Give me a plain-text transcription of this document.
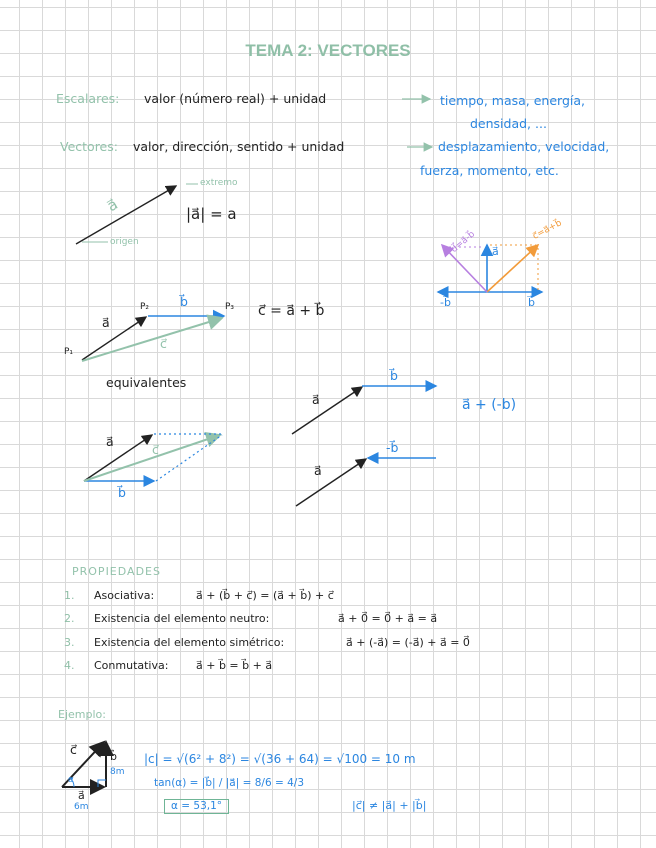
TEMA 2: VECTORES
Escalares: valor (número real) + unidad	tiempo, masa, energía,
densidad, ...
Vectores: valor, dirección, sentido + unidad	desplazamiento, velocidad,
fuerza, momento, etc.
a⃗
extremo
origen
|a⃗| = a
P₁
P₂	P₃
a⃗
b⃗
c⃗
c⃗ = a⃗ + b⃗
equivalentes
a⃗
b⃗
c⃗
a⃗
b⃗
a⃗
-b⃗
a⃗ + (-b)
a⃗
-b⃗	b⃗
c⃗=a⃗+b⃗
d⃗=a⃗-b⃗
PROPIEDADES
1. Asociativa:	a⃗ + (b⃗ + c⃗) = (a⃗ + b⃗) + c⃗
2. Existencia del elemento neutro:	a⃗ + 0⃗ = 0⃗ + a⃗ = a⃗
3. Existencia del elemento simétrico:	a⃗ + (-a⃗) = (-a⃗) + a⃗ = 0⃗
4. Conmutativa:	a⃗ + b⃗ = b⃗ + a⃗
Ejemplo:
c⃗	b⃗
8m
a⃗
6m
α
|c| = √(6² + 8²) = √(36 + 64) = √100 = 10 m
tan(α) = |b⃗| / |a⃗| = 8/6 = 4/3
α = 53,1°	|c⃗| ≠ |a⃗| + |b⃗|
